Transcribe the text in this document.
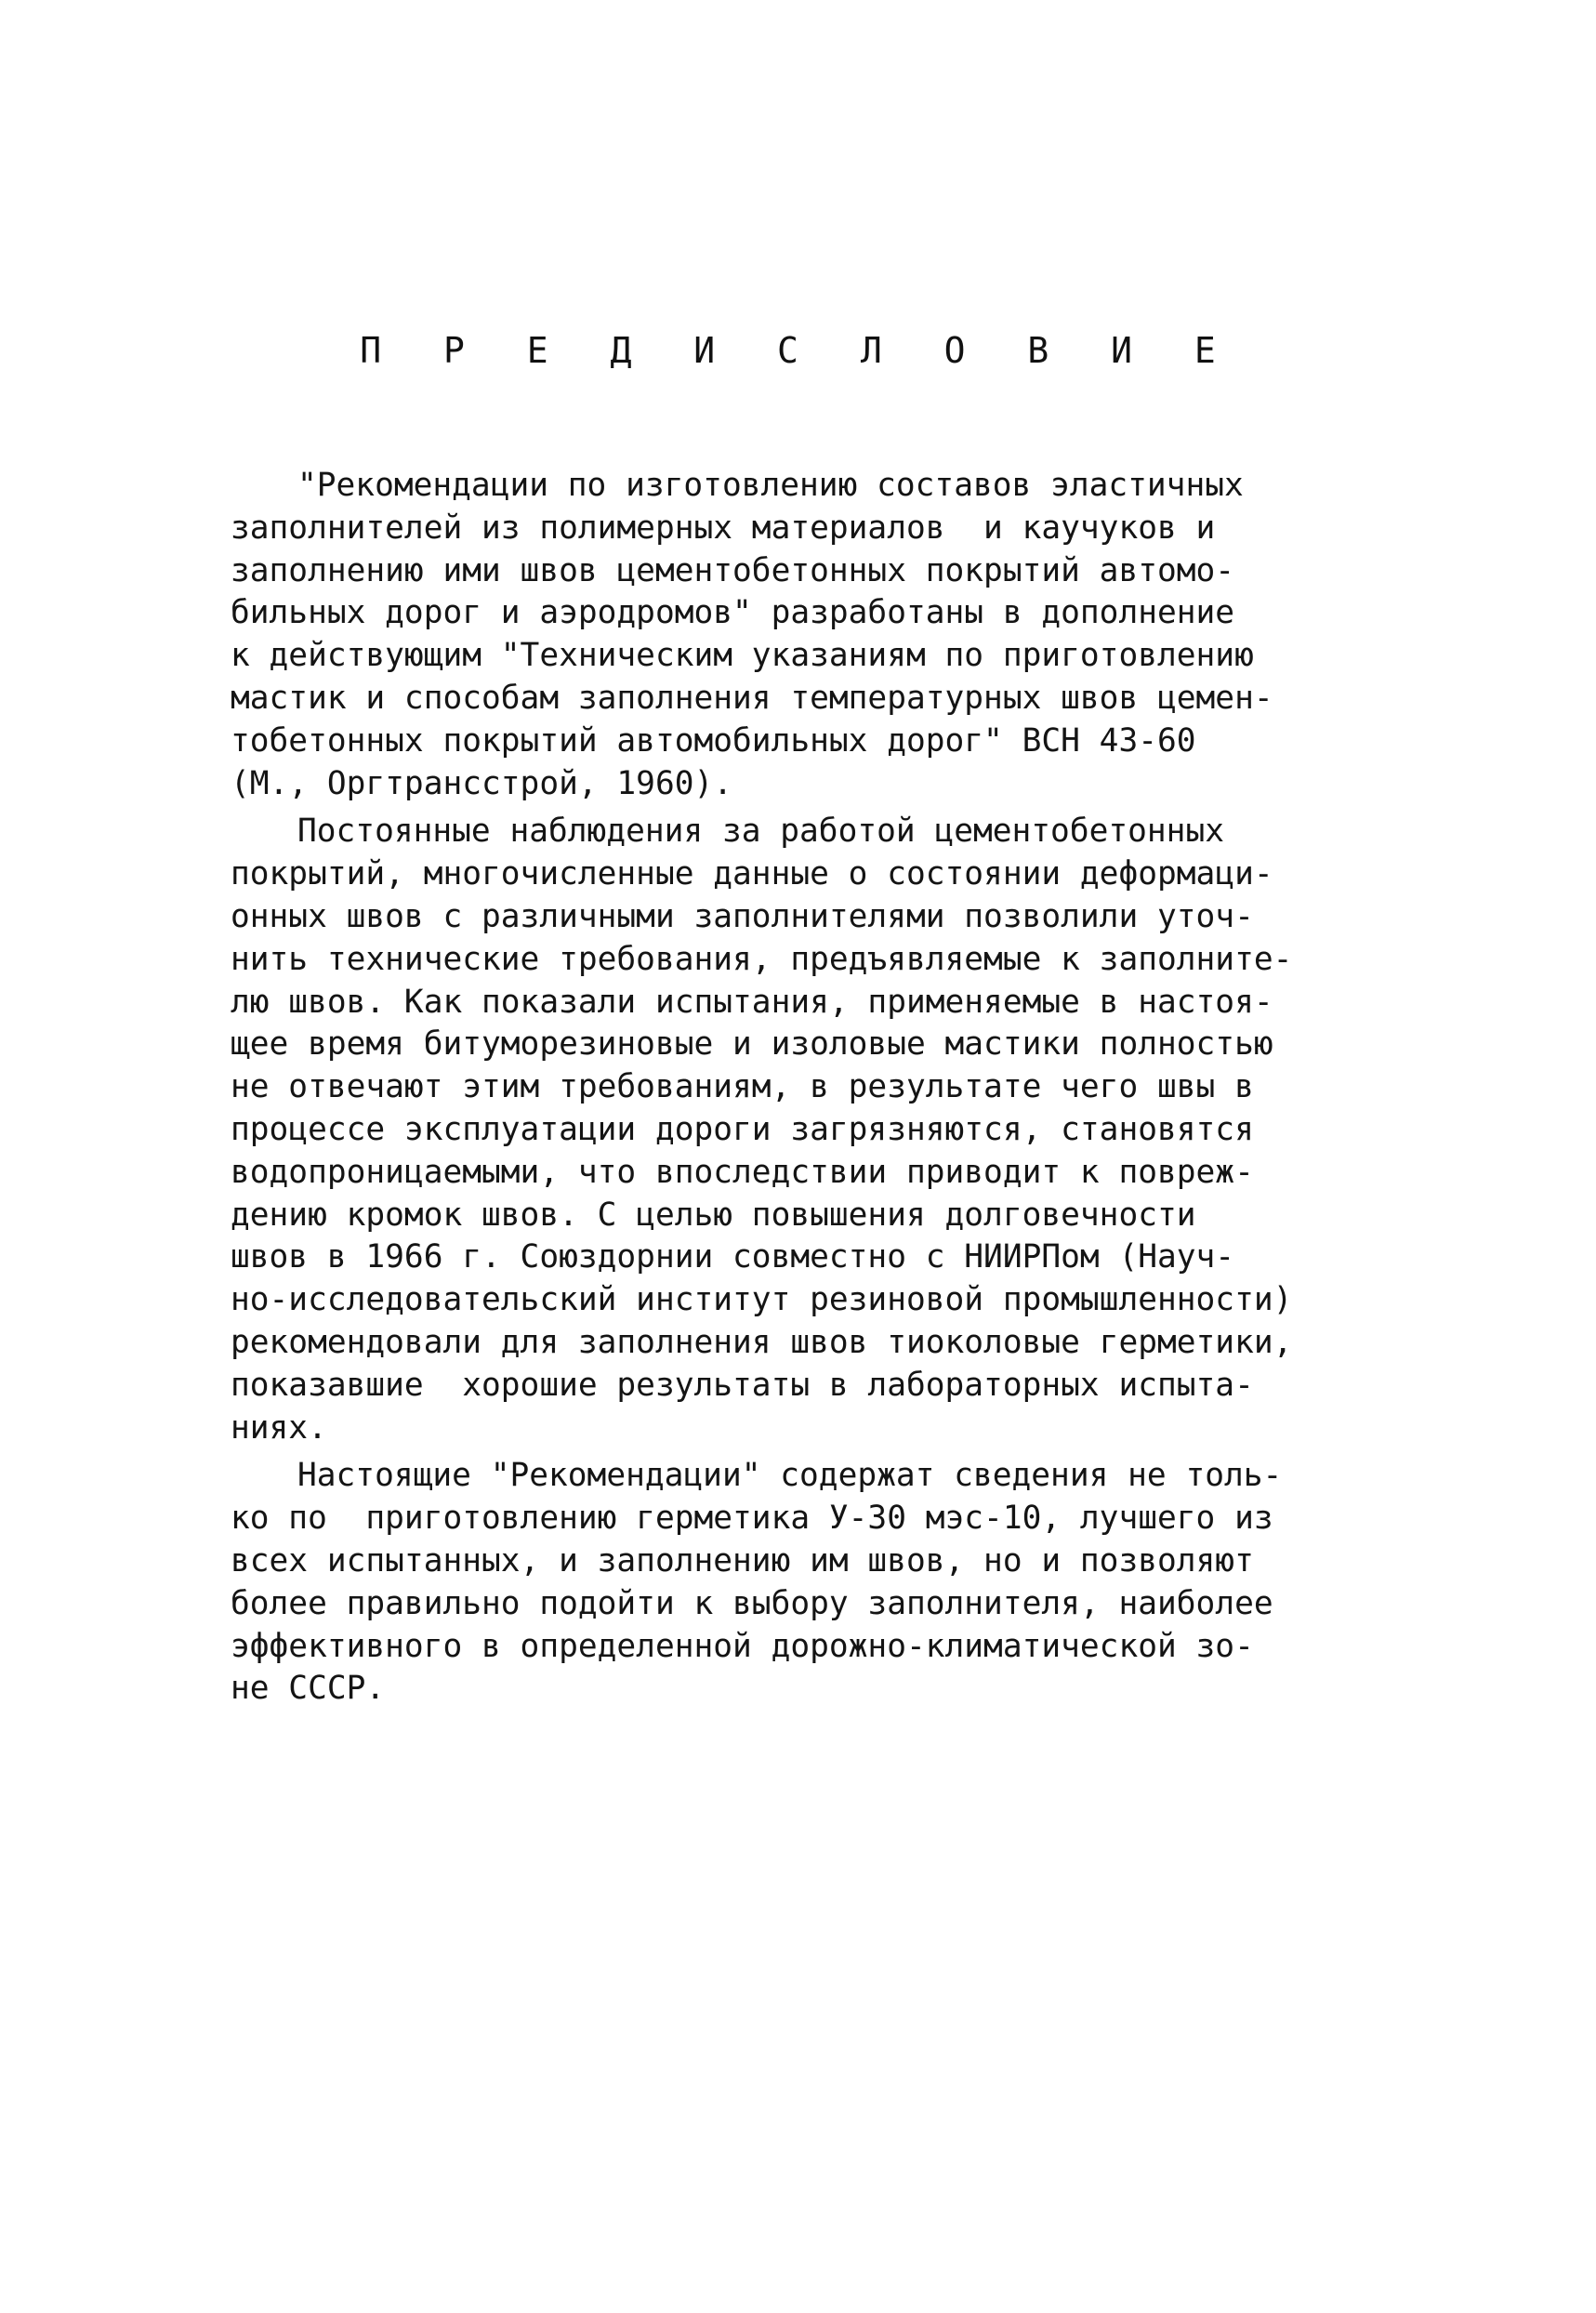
П Р Е Д И С Л О В И Е
"Рекомендации по изготовлению составов эластичных
заполнителей из полимерных материалов  и каучуков и
заполнению ими швов цементобетонных покрытий автомо-
бильных дорог и аэродромов" разработаны в дополнение
к действующим "Техническим указаниям по приготовлению
мастик и способам заполнения температурных швов цемен-
тобетонных покрытий автомобильных дорог" ВСН 43-60
(М., Оргтрансстрой, 1960).
Постоянные наблюдения за работой цементобетонных
покрытий, многочисленные данные о состоянии деформаци-
онных швов с различными заполнителями позволили уточ-
нить технические требования, предъявляемые к заполните-
лю швов. Как показали испытания, применяемые в настоя-
щее время битуморезиновые и изоловые мастики полностью
не отвечают этим требованиям, в результате чего швы в
процессе эксплуатации дороги загрязняются, становятся
водопроницаемыми, что впоследствии приводит к повреж-
дению кромок швов. С целью повышения долговечности
швов в 1966 г. Союздорнии совместно с НИИРПом (Науч-
но-исследовательский институт резиновой промышленности)
рекомендовали для заполнения швов тиоколовые герметики,
показавшие  хорошие результаты в лабораторных испыта-
ниях.
Настоящие "Рекомендации" содержат сведения не толь-
ко по  приготовлению герметика У-30 мэс-10, лучшего из
всех испытанных, и заполнению им швов, но и позволяют
более правильно подойти к выбору заполнителя, наиболее
эффективного в определенной дорожно-климатической зо-
не СССР.
